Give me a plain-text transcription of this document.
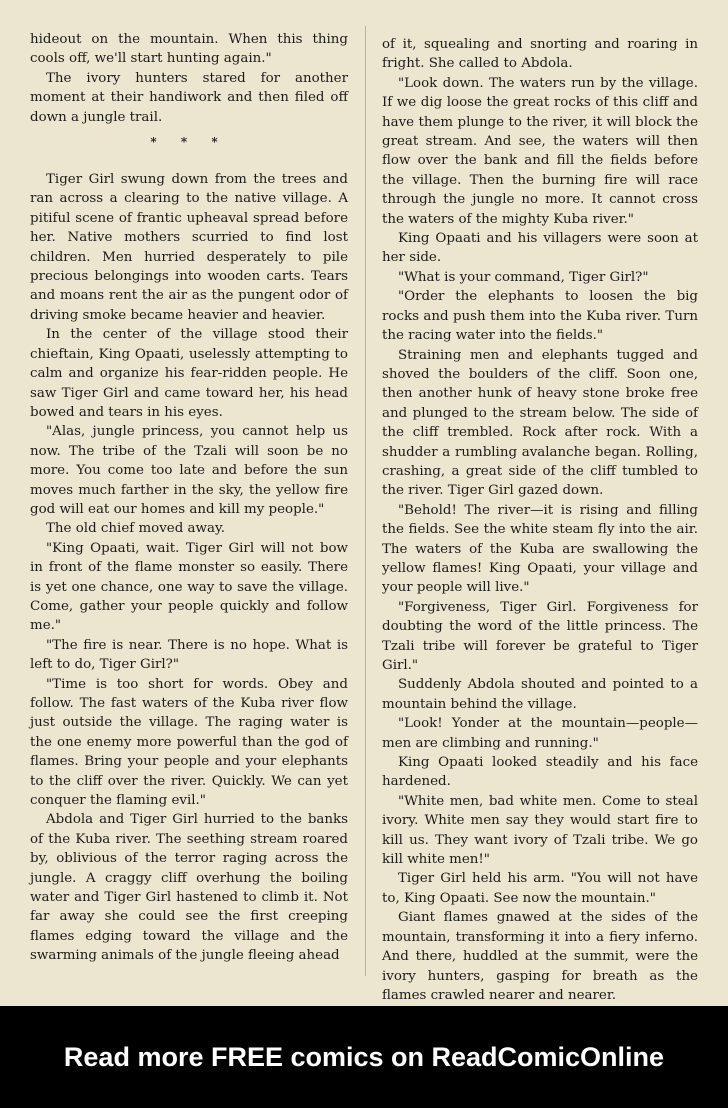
hideout on the mountain. When this thing cools off, we'll start hunting again."

The ivory hunters stared for another moment at their handiwork and then filed off down a jungle trail.

* * *

Tiger Girl swung down from the trees and ran across a clearing to the native village. A pitiful scene of frantic upheaval spread before her. Native mothers scurried to find lost children. Men hurried desperately to pile precious belongings into wooden carts. Tears and moans rent the air as the pungent odor of driving smoke became heavier and heavier.

In the center of the village stood their chieftain, King Opaati, uselessly attempting to calm and organize his fear-ridden people. He saw Tiger Girl and came toward her, his head bowed and tears in his eyes.

"Alas, jungle princess, you cannot help us now. The tribe of the Tzali will soon be no more. You come too late and before the sun moves much farther in the sky, the yellow fire god will eat our homes and kill my people."

The old chief moved away.

"King Opaati, wait. Tiger Girl will not bow in front of the flame monster so easily. There is yet one chance, one way to save the village. Come, gather your people quickly and follow me."

"The fire is near. There is no hope. What is left to do, Tiger Girl?"

"Time is too short for words. Obey and follow. The fast waters of the Kuba river flow just outside the village. The raging water is the one enemy more powerful than the god of flames. Bring your people and your elephants to the cliff over the river. Quickly. We can yet conquer the flaming evil."

Abdola and Tiger Girl hurried to the banks of the Kuba river. The seething stream roared by, oblivious of the terror raging across the jungle. A craggy cliff overhung the boiling water and Tiger Girl hastened to climb it. Not far away she could see the first creeping flames edging toward the village and the swarming animals of the jungle fleeing ahead

of it, squealing and snorting and roaring in fright. She called to Abdola.

"Look down. The waters run by the village. If we dig loose the great rocks of this cliff and have them plunge to the river, it will block the great stream. And see, the waters will then flow over the bank and fill the fields before the village. Then the burning fire will race through the jungle no more. It cannot cross the waters of the mighty Kuba river."

King Opaati and his villagers were soon at her side.

"What is your command, Tiger Girl?"

"Order the elephants to loosen the big rocks and push them into the Kuba river. Turn the racing water into the fields."

Straining men and elephants tugged and shoved the boulders of the cliff. Soon one, then another hunk of heavy stone broke free and plunged to the stream below. The side of the cliff trembled. Rock after rock. With a shudder a rumbling avalanche began. Rolling, crashing, a great side of the cliff tumbled to the river. Tiger Girl gazed down.

"Behold! The river—it is rising and filling the fields. See the white steam fly into the air. The waters of the Kuba are swallowing the yellow flames! King Opaati, your village and your people will live."

"Forgiveness, Tiger Girl. Forgiveness for doubting the word of the little princess. The Tzali tribe will forever be grateful to Tiger Girl."

Suddenly Abdola shouted and pointed to a mountain behind the village.

"Look! Yonder at the mountain—people—men are climbing and running."

King Opaati looked steadily and his face hardened.

"White men, bad white men. Come to steal ivory. White men say they would start fire to kill us. They want ivory of Tzali tribe. We go kill white men!"

Tiger Girl held his arm. "You will not have to, King Opaati. See now the mountain."

Giant flames gnawed at the sides of the mountain, transforming it into a fiery inferno. And there, huddled at the summit, were the ivory hunters, gasping for breath as the flames crawled nearer and nearer.

Read more FREE comics on ReadComicOnline
